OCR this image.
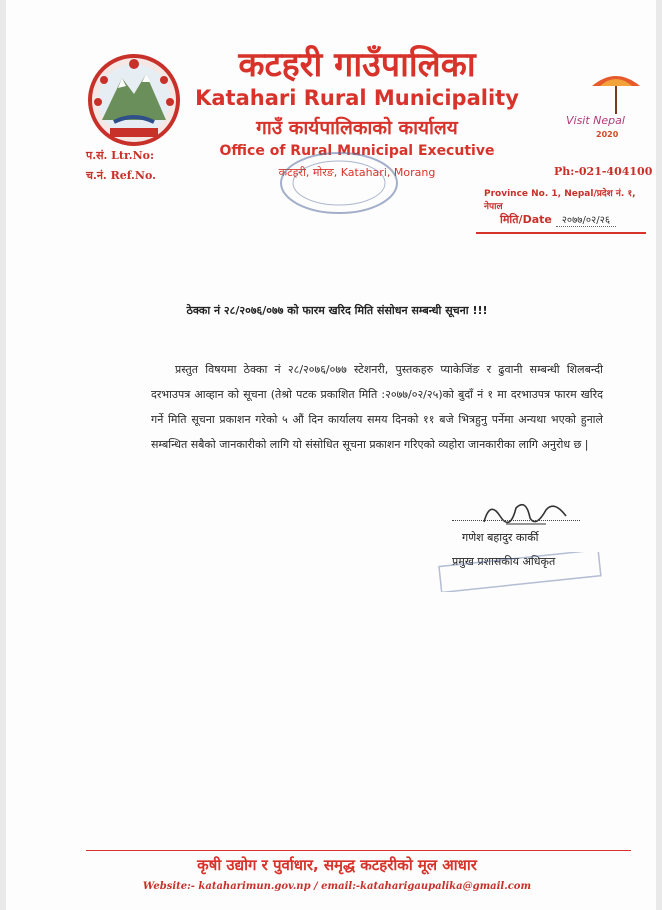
Visit Nepal
2020
कटहरी गाउँपालिका
Katahari Rural Municipality
गाउँ कार्यपालिकाको कार्यालय
Office of Rural Municipal Executive
कटहरी, मोरङ, Katahari, Morang
प.सं. Ltr.No:
च.नं. Ref.No.	Ph:-021-404100
Province No. 1, Nepal/प्रदेश नं. १, नेपाल
मिति/Date २०७७/०२/२६
ठेक्का नं २८/२०७६/०७७ को फारम खरिद मिति संसोधन सम्बन्धी सूचना !!!
प्रस्तुत विषयमा ठेक्का नं २८/२०७६/०७७ स्टेशनरी, पुस्तकहरु प्याकेजिंङ र ढुवानी सम्बन्धी शिलबन्दी दरभाउपत्र आव्हान को सूचना (तेश्रो पटक प्रकाशित मिति :२०७७/०२/२५)को बुदाँ नं १ मा दरभाउपत्र फारम खरिद गर्ने मिति सूचना प्रकाशन गरेको ५ औं दिन कार्यालय समय दिनको ११ बजे भित्रहुनु पर्नेमा अन्यथा भएको हुनाले सम्बन्धित सबैको जानकारीको लागि यो संसोधित सूचना प्रकाशन गरिएको व्यहोरा जानकारीका लागि अनुरोध छ |
गणेश बहादुर कार्की
प्रमुख प्रशासकीय अधिकृत
कृषी उद्योग र पुर्वाधार, समृद्ध कटहरीको मूल आधार
Website:- kataharimun.gov.np / email:-kataharigaupalika@gmail.com
